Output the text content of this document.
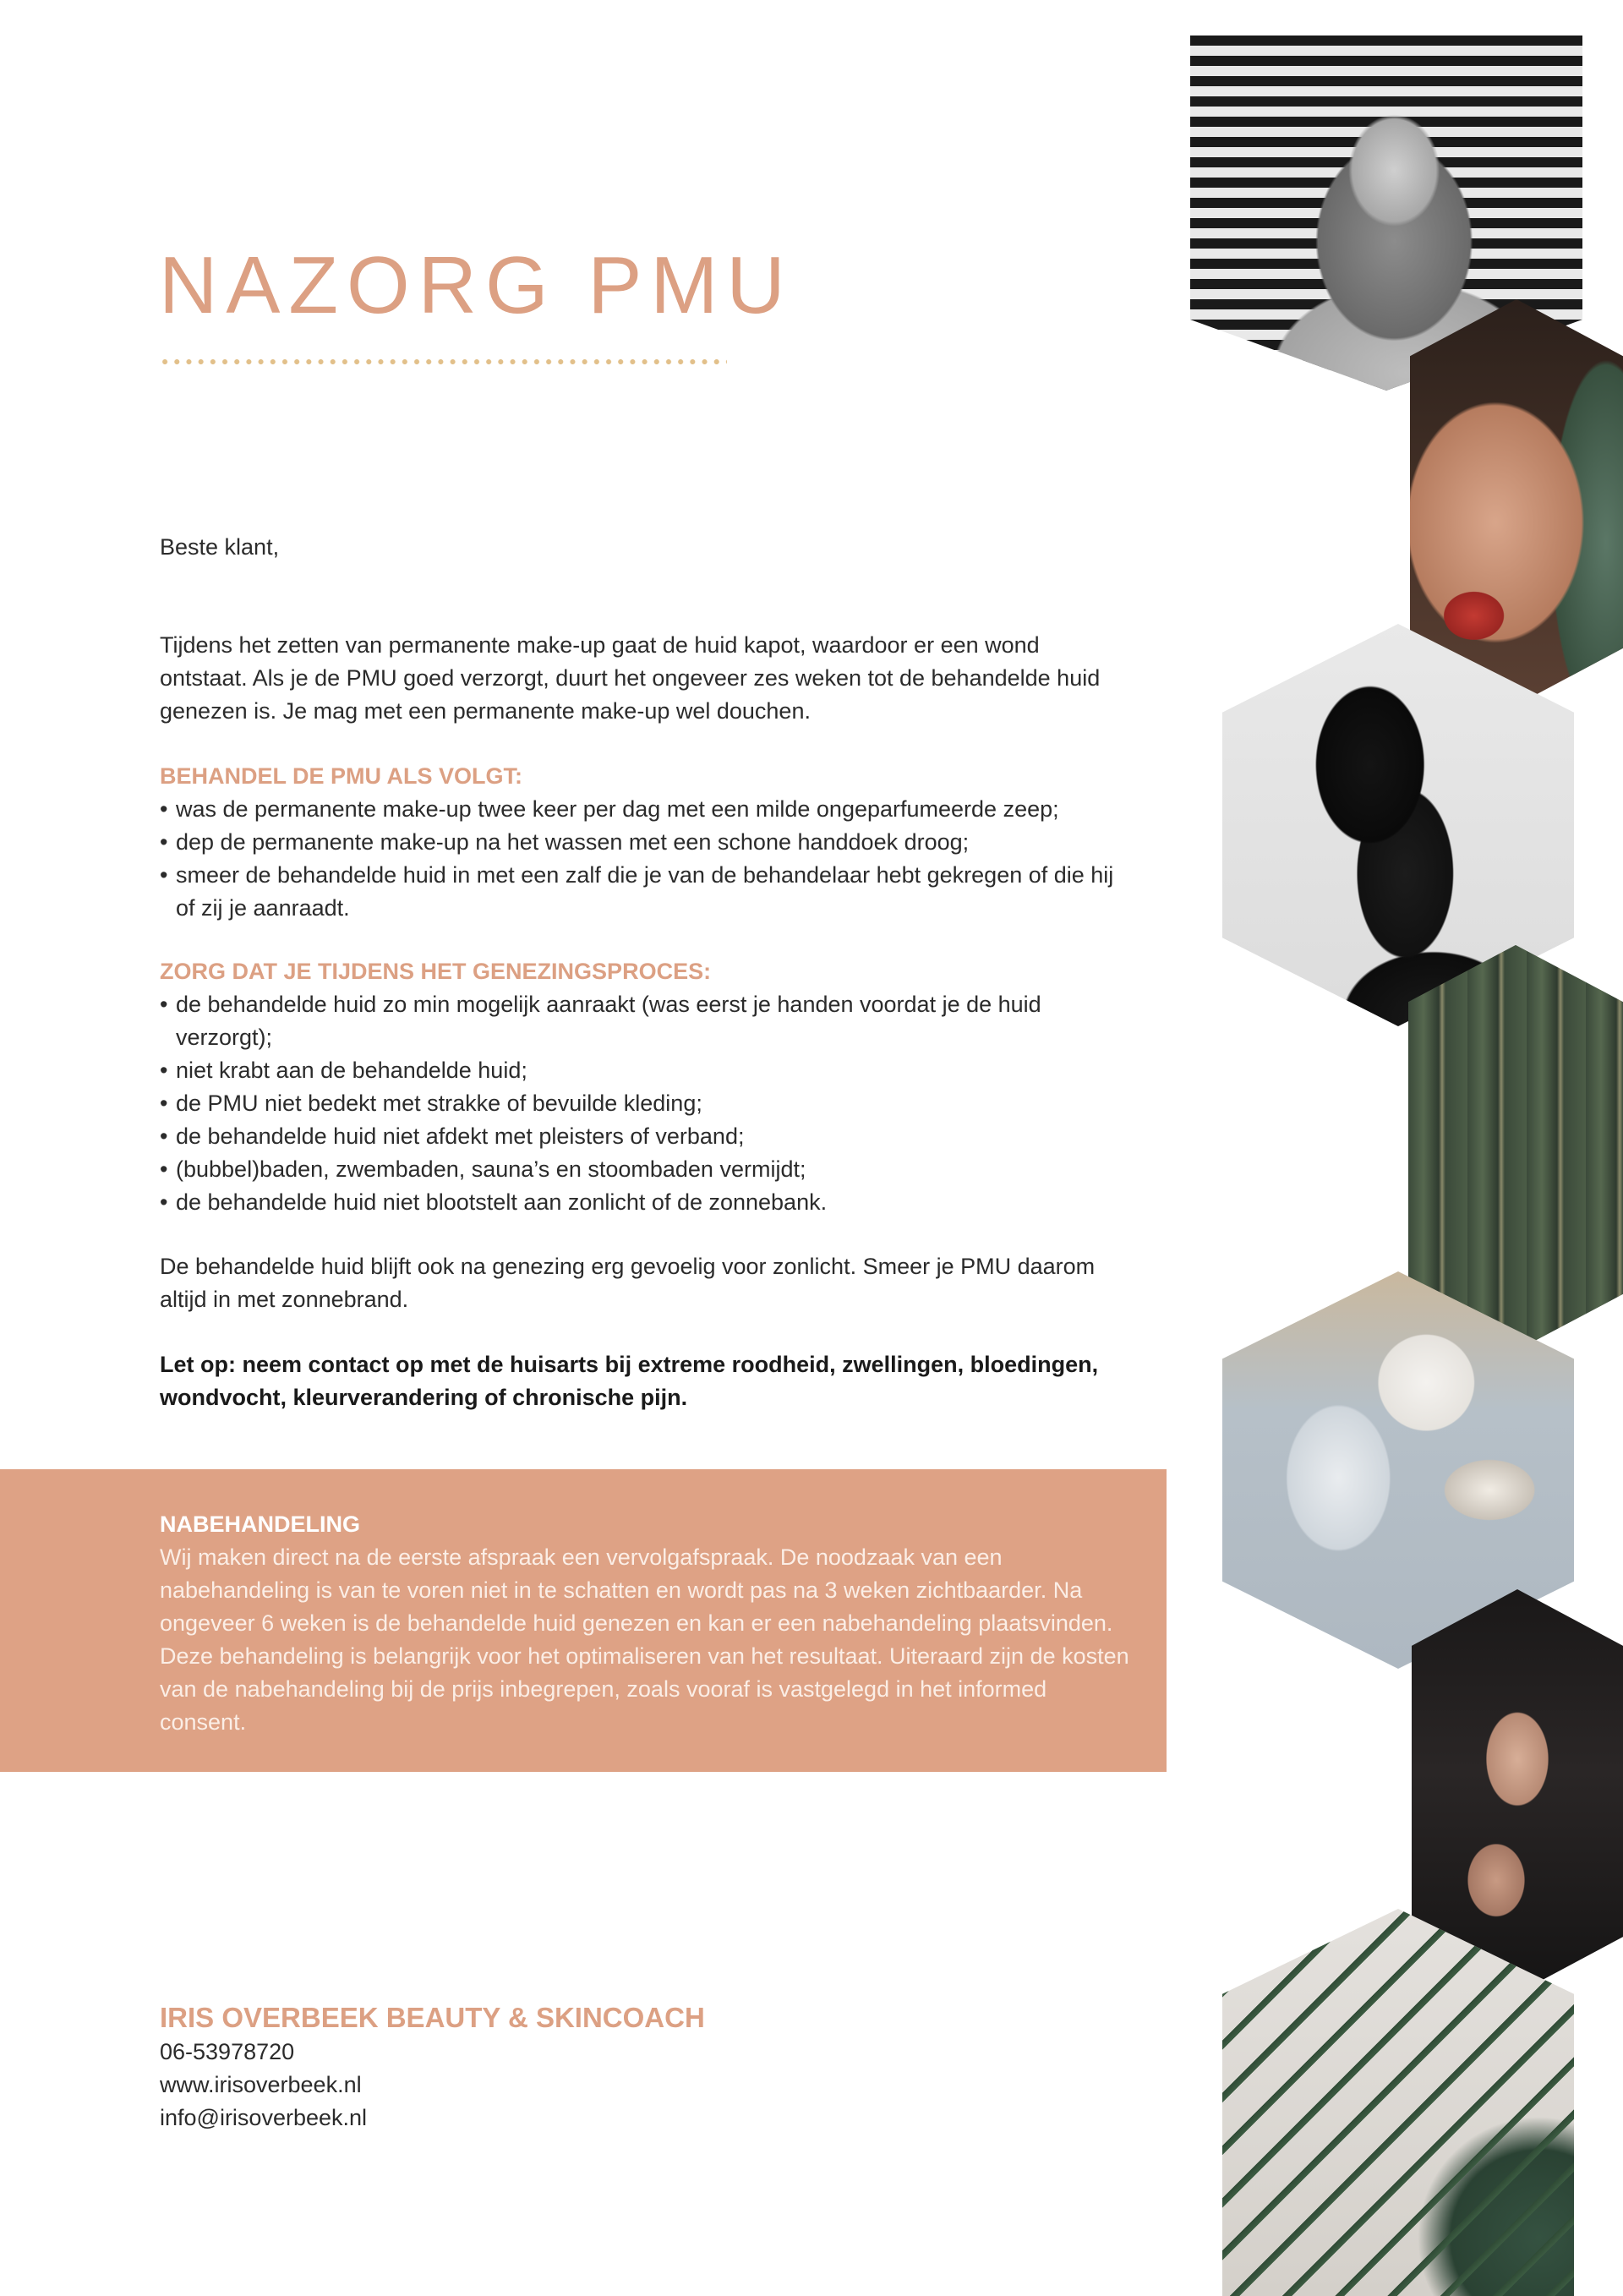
NAZORG PMU

Beste klant,

Tijdens het zetten van permanente make-up gaat de huid kapot, waardoor er een wond ontstaat. Als je de PMU goed verzorgt, duurt het ongeveer zes weken tot de behandelde huid genezen is. Je mag met een permanente make-up wel douchen.

BEHANDEL DE PMU ALS VOLGT:
• was de permanente make-up twee keer per dag met een milde ongeparfumeerde zeep;
• dep de permanente make-up na het wassen met een schone handdoek droog;
• smeer de behandelde huid in met een zalf die je van de behandelaar hebt gekregen of die hij of zij je aanraadt.
ZORG DAT JE TIJDENS HET GENEZINGSPROCES:
• de behandelde huid zo min mogelijk aanraakt (was eerst je handen voordat je de huid verzorgt);
• niet krabt aan de behandelde huid;
• de PMU niet bedekt met strakke of bevuilde kleding;
• de behandelde huid niet afdekt met pleisters of verband;
• (bubbel)baden, zwembaden, sauna’s en stoombaden vermijdt;
• de behandelde huid niet blootstelt aan zonlicht of de zonnebank.

De behandelde huid blijft ook na genezing erg gevoelig voor zonlicht. Smeer je PMU daarom altijd in met zonnebrand.

Let op: neem contact op met de huisarts bij extreme roodheid, zwellingen, bloedingen, wondvocht, kleurverandering of chronische pijn.

NABEHANDELING

Wij maken direct na de eerste afspraak een vervolgafspraak. De noodzaak van een nabehandeling is van te voren niet in te schatten en wordt pas na 3 weken zichtbaarder. Na ongeveer 6 weken is de behandelde huid genezen en kan er een nabehandeling plaatsvinden. Deze behandeling is belangrijk voor het optimaliseren van het resultaat. Uiteraard zijn de kosten van de nabehandeling bij de prijs inbegrepen, zoals vooraf is vastgelegd in het informed consent.

IRIS OVERBEEK BEAUTY & SKINCOACH
06-53978720
www.irisoverbeek.nl
info@irisoverbeek.nl
